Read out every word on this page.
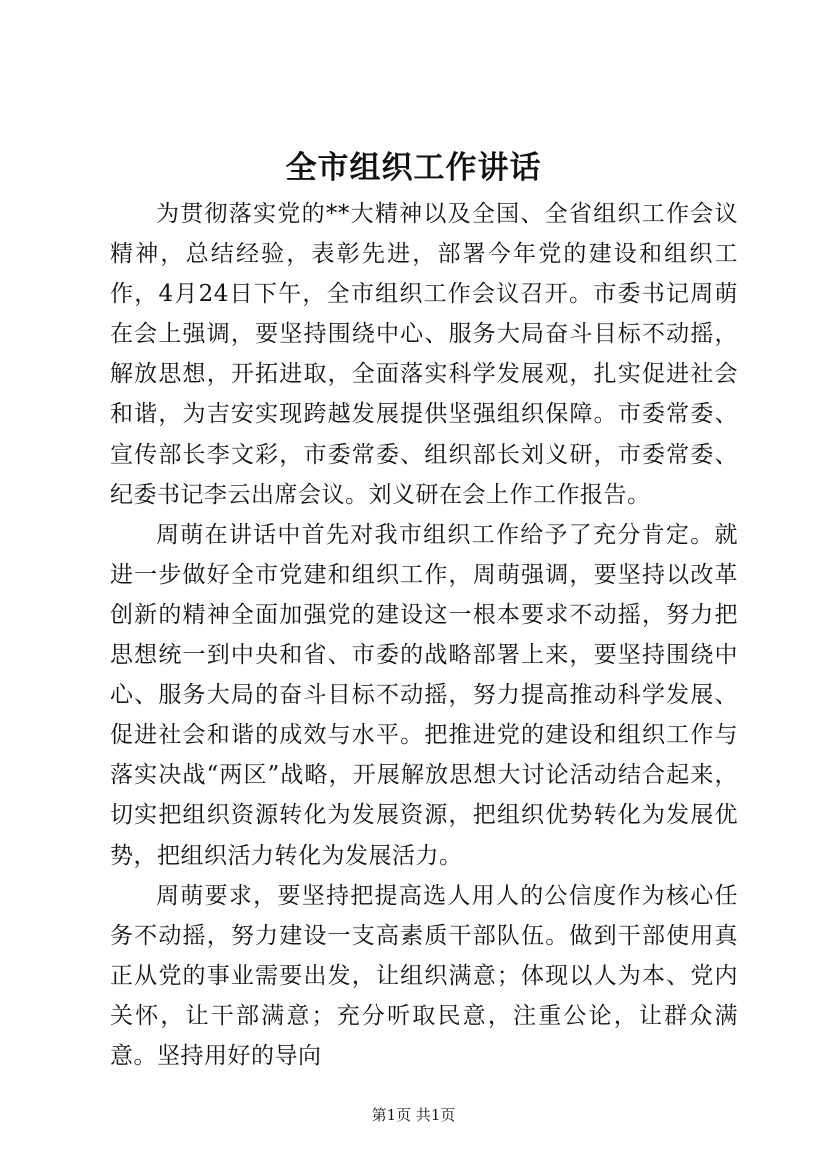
全市组织工作讲话

为贯彻落实党的**大精神以及全国、全省组织工作会议精神，总结经验，表彰先进，部署今年党的建设和组织工作，4月24日下午，全市组织工作会议召开。市委书记周萌在会上强调，要坚持围绕中心、服务大局奋斗目标不动摇，解放思想，开拓进取，全面落实科学发展观，扎实促进社会和谐，为吉安实现跨越发展提供坚强组织保障。市委常委、宣传部长李文彩，市委常委、组织部长刘义研，市委常委、纪委书记李云出席会议。刘义研在会上作工作报告。

周萌在讲话中首先对我市组织工作给予了充分肯定。就进一步做好全市党建和组织工作，周萌强调，要坚持以改革创新的精神全面加强党的建设这一根本要求不动摇，努力把思想统一到中央和省、市委的战略部署上来，要坚持围绕中心、服务大局的奋斗目标不动摇，努力提高推动科学发展、促进社会和谐的成效与水平。把推进党的建设和组织工作与落实决战“两区”战略，开展解放思想大讨论活动结合起来，切实把组织资源转化为发展资源，把组织优势转化为发展优势，把组织活力转化为发展活力。

周萌要求，要坚持把提高选人用人的公信度作为核心任务不动摇，努力建设一支高素质干部队伍。做到干部使用真正从党的事业需要出发，让组织满意；体现以人为本、党内关怀，让干部满意；充分听取民意，注重公论，让群众满意。坚持用好的导向

第1页 共1页
